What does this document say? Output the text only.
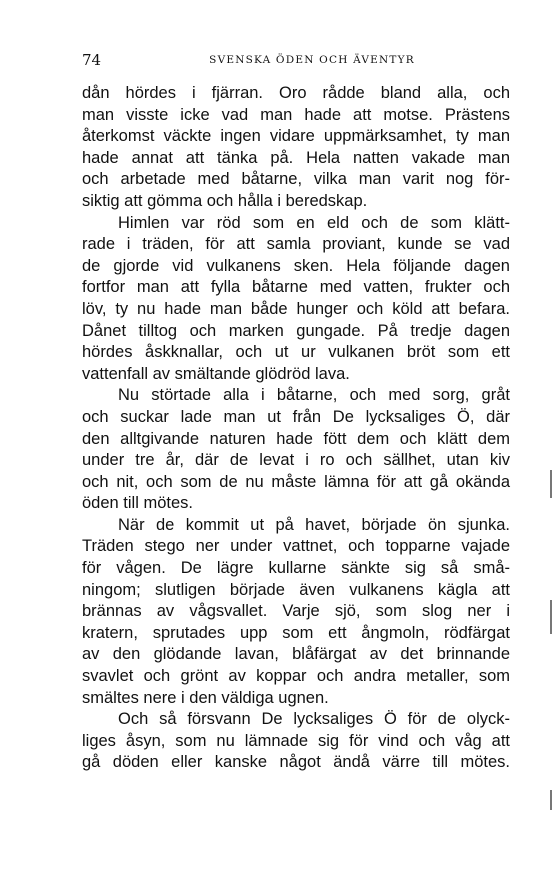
74	SVENSKA ÖDEN OCH ÄVENTYR
dån hördes i fjärran. Oro rådde bland alla, och
man visste icke vad man hade att motse. Prästens
återkomst väckte ingen vidare uppmärksamhet, ty man
hade annat att tänka på. Hela natten vakade man
och arbetade med båtarne, vilka man varit nog för-
siktig att gömma och hålla i beredskap.
Himlen var röd som en eld och de som klätt-
rade i träden, för att samla proviant, kunde se vad
de gjorde vid vulkanens sken. Hela följande dagen
fortfor man att fylla båtarne med vatten, frukter och
löv, ty nu hade man både hunger och köld att befara.
Dånet tilltog och marken gungade. På tredje dagen
hördes åskknallar, och ut ur vulkanen bröt som ett
vattenfall av smältande glödröd lava.
Nu störtade alla i båtarne, och med sorg, gråt
och suckar lade man ut från De lycksaliges Ö, där
den alltgivande naturen hade fött dem och klätt dem
under tre år, där de levat i ro och sällhet, utan kiv
och nit, och som de nu måste lämna för att gå okända
öden till mötes.
När de kommit ut på havet, började ön sjunka.
Träden stego ner under vattnet, och topparne vajade
för vågen. De lägre kullarne sänkte sig så små-
ningom; slutligen började även vulkanens kägla att
brännas av vågsvallet. Varje sjö, som slog ner i
kratern, sprutades upp som ett ångmoln, rödfärgat
av den glödande lavan, blåfärgat av det brinnande
svavlet och grönt av koppar och andra metaller, som
smältes nere i den väldiga ugnen.
Och så försvann De lycksaliges Ö för de olyck-
liges åsyn, som nu lämnade sig för vind och våg att
gå döden eller kanske något ändå värre till mötes.
